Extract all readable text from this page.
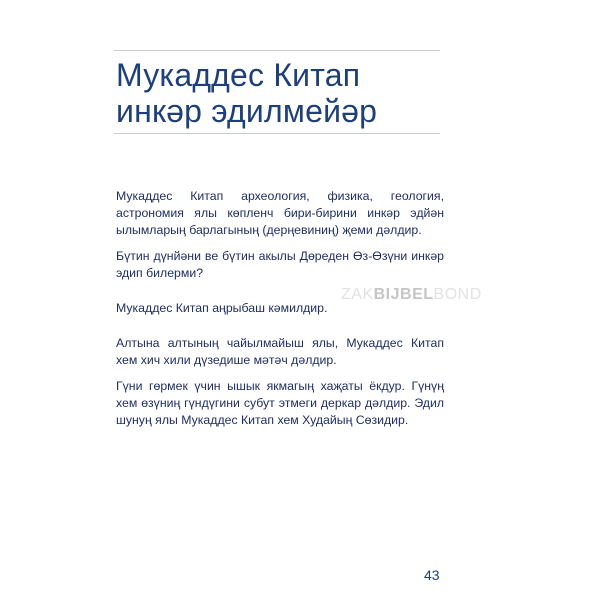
Мукаддес Китап
инкәр эдилмейәр

Мукаддес Китап археология, физика, геология, астрономия ялы көпленч бири-бирини инкәр эдйән ылымларың барлагының (дерңевиниң) җеми дәлдир.

Бүтин дүнйәни ве бүтин акылы Дөреден Өз-Өзүни инкәр эдип билерми?

Мукаддес Китап аңрыбаш кәмилдир.

Алтына алтының чайылмайыш ялы, Мукаддес Китап хем хич хили дүзедише мәтәч дәлдир.

Гүни гөрмек үчин ышык якмагың хаҗаты ёкдур. Гүнүң хем өзүниң гүндүгини субут этмеги деркар дәлдир. Эдил шунуң ялы Мукаддес Китап хем Худайың Сөзидир.

ZAKBIJBELBOND
43
